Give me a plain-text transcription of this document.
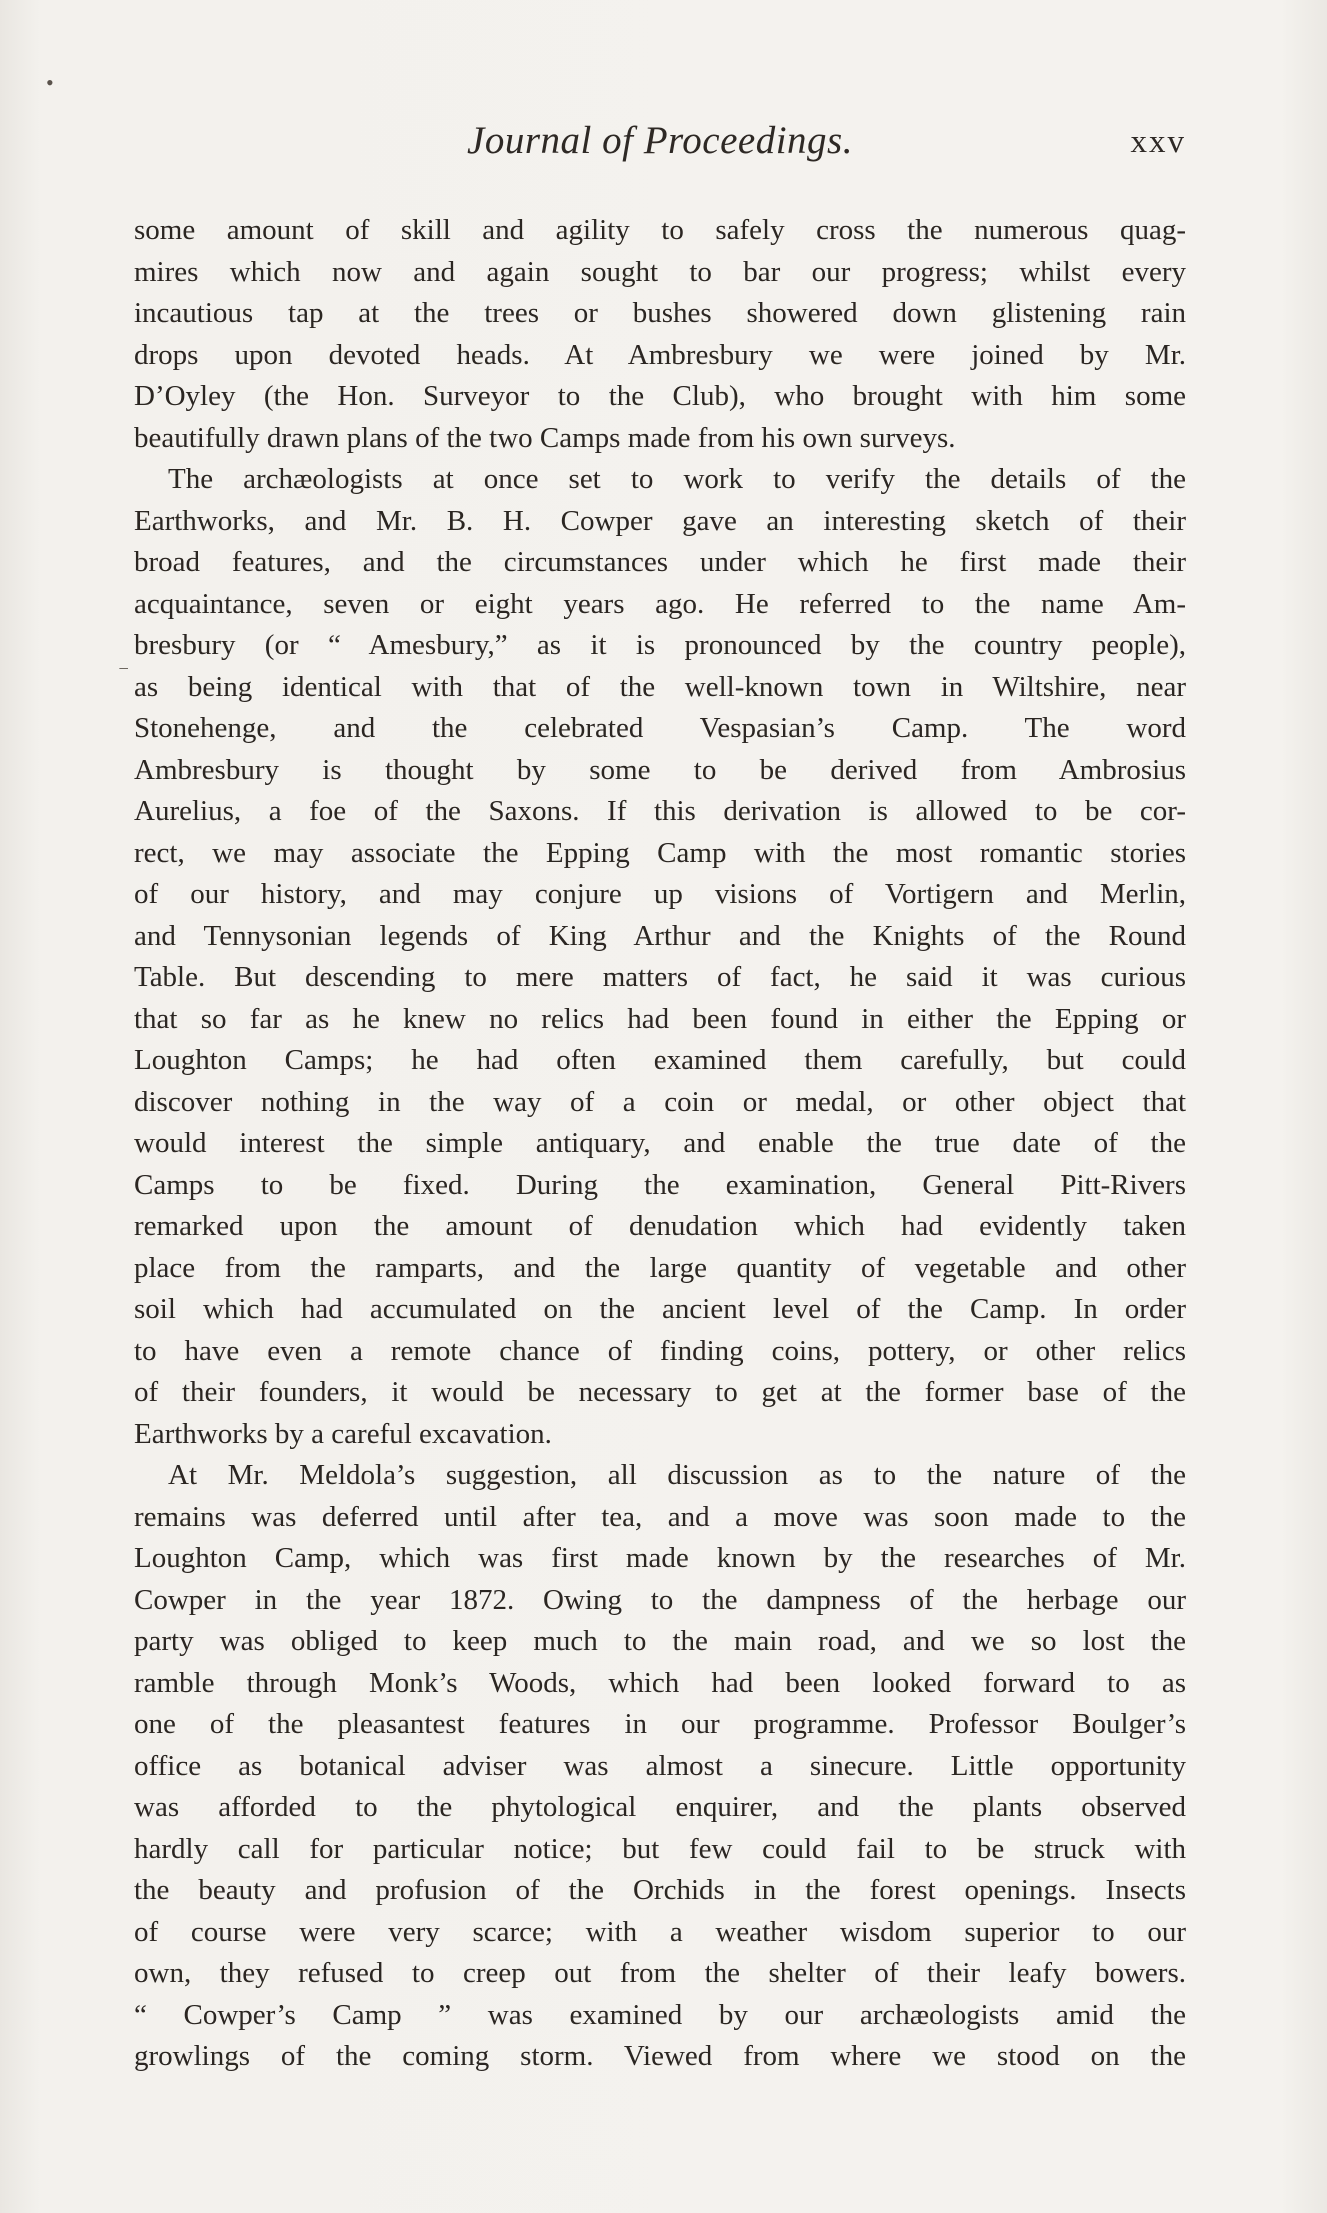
•
‾
Journal of Proceedings.	xxv
some amount of skill and agility to safely cross the numerous quag-
mires which now and again sought to bar our progress; whilst every
incautious tap at the trees or bushes showered down glistening rain
drops upon devoted heads. At Ambresbury we were joined by Mr.
D’Oyley (the Hon. Surveyor to the Club), who brought with him some
beautifully drawn plans of the two Camps made from his own surveys.
The archæologists at once set to work to verify the details of the
Earthworks, and Mr. B. H. Cowper gave an interesting sketch of their
broad features, and the circumstances under which he first made their
acquaintance, seven or eight years ago. He referred to the name Am-
bresbury (or “ Amesbury,” as it is pronounced by the country people),
as being identical with that of the well-known town in Wiltshire, near
Stonehenge, and the celebrated Vespasian’s Camp. The word
Ambresbury is thought by some to be derived from Ambrosius
Aurelius, a foe of the Saxons. If this derivation is allowed to be cor-
rect, we may associate the Epping Camp with the most romantic stories
of our history, and may conjure up visions of Vortigern and Merlin,
and Tennysonian legends of King Arthur and the Knights of the Round
Table. But descending to mere matters of fact, he said it was curious
that so far as he knew no relics had been found in either the Epping or
Loughton Camps; he had often examined them carefully, but could
discover nothing in the way of a coin or medal, or other object that
would interest the simple antiquary, and enable the true date of the
Camps to be fixed. During the examination, General Pitt-Rivers
remarked upon the amount of denudation which had evidently taken
place from the ramparts, and the large quantity of vegetable and other
soil which had accumulated on the ancient level of the Camp. In order
to have even a remote chance of finding coins, pottery, or other relics
of their founders, it would be necessary to get at the former base of the
Earthworks by a careful excavation.
At Mr. Meldola’s suggestion, all discussion as to the nature of the
remains was deferred until after tea, and a move was soon made to the
Loughton Camp, which was first made known by the researches of Mr.
Cowper in the year 1872. Owing to the dampness of the herbage our
party was obliged to keep much to the main road, and we so lost the
ramble through Monk’s Woods, which had been looked forward to as
one of the pleasantest features in our programme. Professor Boulger’s
office as botanical adviser was almost a sinecure. Little opportunity
was afforded to the phytological enquirer, and the plants observed
hardly call for particular notice; but few could fail to be struck with
the beauty and profusion of the Orchids in the forest openings. Insects
of course were very scarce; with a weather wisdom superior to our
own, they refused to creep out from the shelter of their leafy bowers.
“ Cowper’s Camp ” was examined by our archæologists amid the
growlings of the coming storm. Viewed from where we stood on the
